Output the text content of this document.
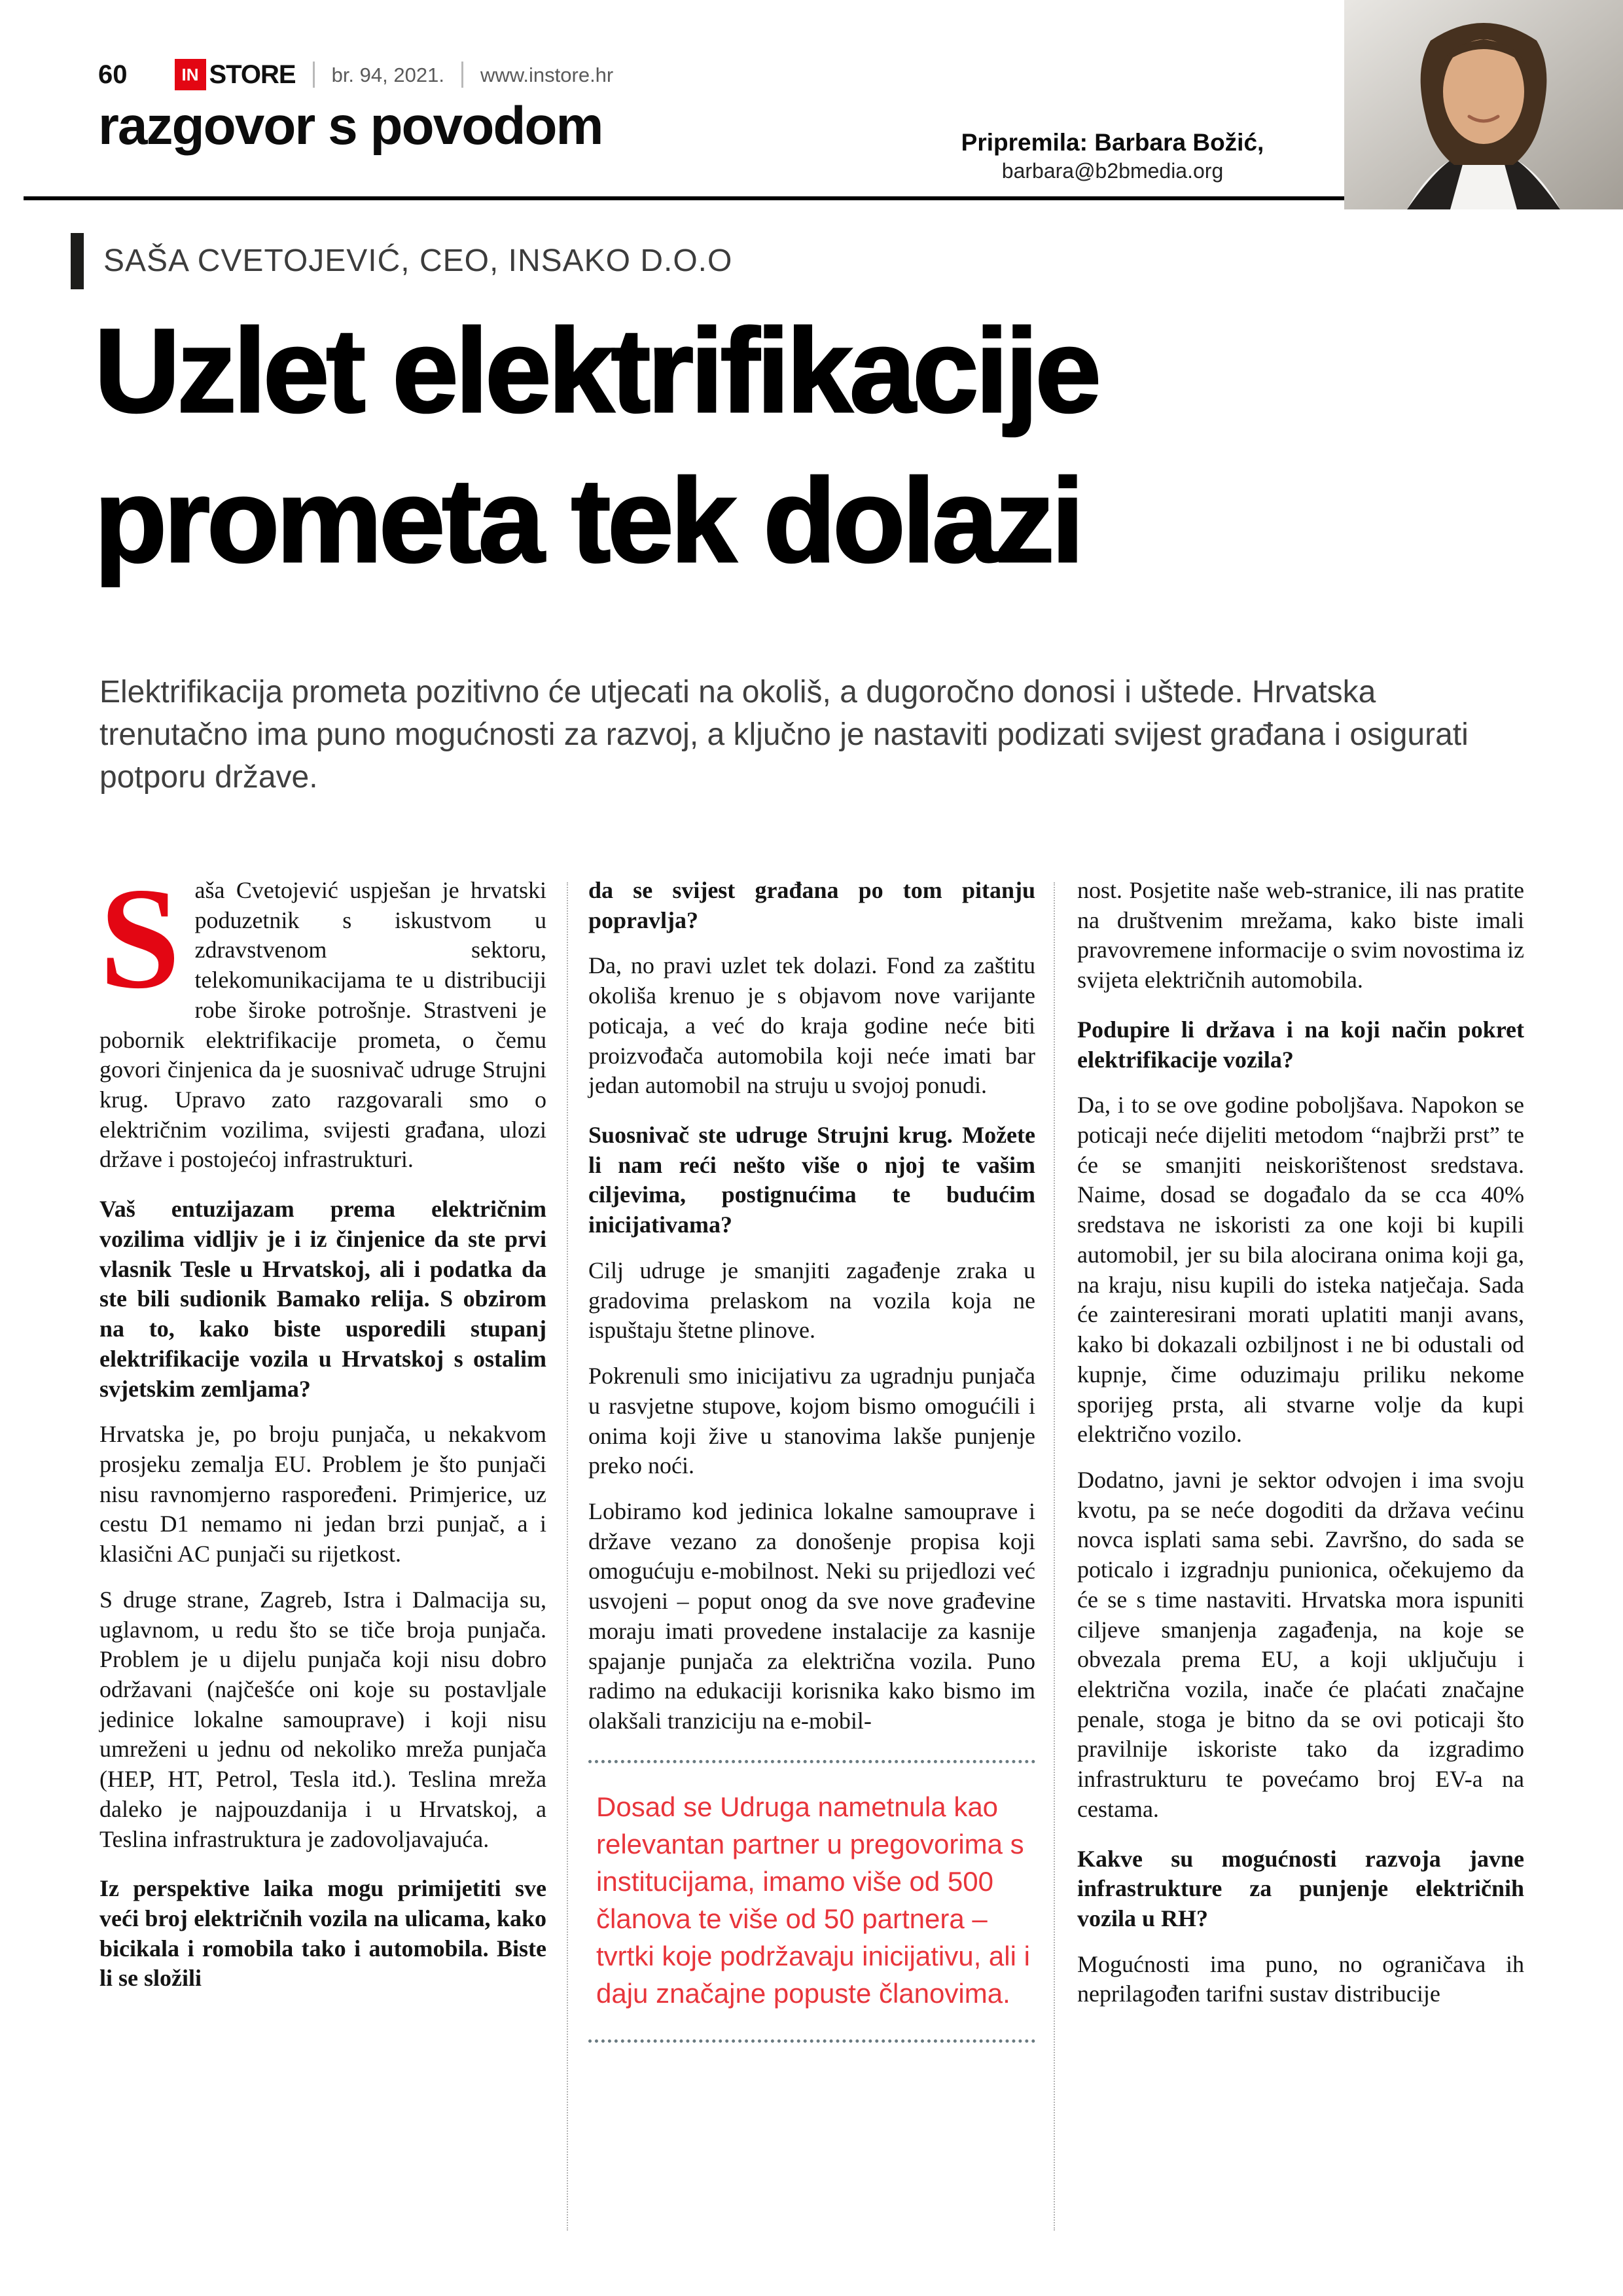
60	IN STORE	br. 94, 2021.	www.instore.hr
razgovor s povodom	Pripremila: Barbara Božić,
barbara@b2bmedia.org
SAŠA CVETOJEVIĆ, CEO, INSAKO D.O.O
Uzlet elektrifikacije
prometa tek dolazi
Elektrifikacija prometa pozitivno će utjecati na okoliš, a dugoročno donosi i uštede. Hrvatska trenutačno ima puno mogućnosti za razvoj, a ključno je nastaviti podizati svijest građana i osigurati potporu države.

Saša Cvetojević uspješan je hrvatski poduzetnik s iskustvom u zdravstvenom sektoru, telekomunikacijama te u distribuciji robe široke potrošnje. Strastveni je pobornik elektrifikacije prometa, o čemu govori činjenica da je suosnivač udruge Strujni krug. Upravo zato razgovarali smo o električnim vozilima, svijesti građana, ulozi države i postojećoj infrastrukturi.

Vaš entuzijazam prema električnim vozilima vidljiv je i iz činjenice da ste prvi vlasnik Tesle u Hrvatskoj, ali i podatka da ste bili sudionik Bamako relija. S obzirom na to, kako biste usporedili stupanj elektrifikacije vozila u Hrvatskoj s ostalim svjetskim zemljama?

Hrvatska je, po broju punjača, u nekakvom prosjeku zemalja EU. Problem je što punjači nisu ravnomjerno raspoređeni. Primjerice, uz cestu D1 nemamo ni jedan brzi punjač, a i klasični AC punjači su rijetkost.

S druge strane, Zagreb, Istra i Dalmacija su, uglavnom, u redu što se tiče broja punjača. Problem je u dijelu punjača koji nisu dobro održavani (najčešće oni koje su postavljale jedinice lokalne samouprave) i koji nisu umreženi u jednu od nekoliko mreža punjača (HEP, HT, Petrol, Tesla itd.). Teslina mreža daleko je najpouzdanija i u Hrvatskoj, a Teslina infrastruktura je zadovoljavajuća.

Iz perspektive laika mogu primijetiti sve veći broj električnih vozila na ulicama, kako bicikala i romobila tako i automobila. Biste li se složili

da se svijest građana po tom pitanju popravlja?

Da, no pravi uzlet tek dolazi. Fond za zaštitu okoliša krenuo je s objavom nove varijante poticaja, a već do kraja godine neće biti proizvođača automobila koji neće imati bar jedan automobil na struju u svojoj ponudi.

Suosnivač ste udruge Strujni krug. Možete li nam reći nešto više o njoj te vašim ciljevima, postignućima te budućim inicijativama?

Cilj udruge je smanjiti zagađenje zraka u gradovima prelaskom na vozila koja ne ispuštaju štetne plinove.

Pokrenuli smo inicijativu za ugradnju punjača u rasvjetne stupove, kojom bismo omogućili i onima koji žive u stanovima lakše punjenje preko noći.

Lobiramo kod jedinica lokalne samouprave i države vezano za donošenje propisa koji omogućuju e-mobilnost. Neki su prijedlozi već usvojeni – poput onog da sve nove građevine moraju imati provedene instalacije za kasnije spajanje punjača za električna vozila. Puno radimo na edukaciji korisnika kako bismo im olakšali tranziciju na e-mobil-

Dosad se Udruga nametnula kao relevantan partner u pregovorima s institucijama, imamo više od 500 članova te više od 50 partnera – tvrtki koje podržavaju inicijativu, ali i daju značajne popuste članovima.

nost. Posjetite naše web-stranice, ili nas pratite na društvenim mrežama, kako biste imali pravovremene informacije o svim novostima iz svijeta električnih automobila.

Podupire li država i na koji način pokret elektrifikacije vozila?

Da, i to se ove godine poboljšava. Napokon se poticaji neće dijeliti metodom “najbrži prst” te će se smanjiti neiskorištenost sredstava. Naime, dosad se događalo da se cca 40% sredstava ne iskoristi za one koji bi kupili automobil, jer su bila alocirana onima koji ga, na kraju, nisu kupili do isteka natječaja. Sada će zainteresirani morati uplatiti manji avans, kako bi dokazali ozbiljnost i ne bi odustali od kupnje, čime oduzimaju priliku nekome sporijeg prsta, ali stvarne volje da kupi električno vozilo.

Dodatno, javni je sektor odvojen i ima svoju kvotu, pa se neće dogoditi da država većinu novca isplati sama sebi. Završno, do sada se poticalo i izgradnju punionica, očekujemo da će se s time nastaviti. Hrvatska mora ispuniti ciljeve smanjenja zagađenja, na koje se obvezala prema EU, a koji uključuju i električna vozila, inače će plaćati značajne penale, stoga je bitno da se ovi poticaji što pravilnije iskoriste tako da izgradimo infrastrukturu te povećamo broj EV-a na cestama.

Kakve su mogućnosti razvoja javne infrastrukture za punjenje električnih vozila u RH?

Mogućnosti ima puno, no ograničava ih neprilagođen tarifni sustav distribucije
